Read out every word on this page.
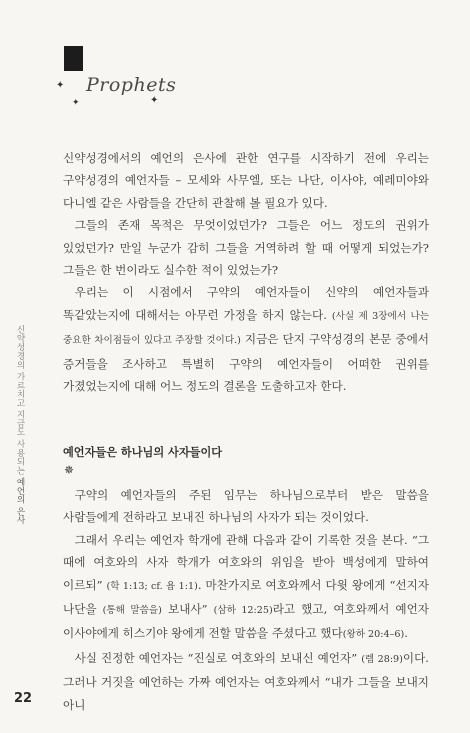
Prophets
✦
✦	✦

신약성경에서의 예언의 은사에 관한 연구를 시작하기 전에 우리는 구약성경의 예언자들 – 모세와 사무엘, 또는 나단, 이사야, 예레미야와 다니엘 같은 사람들을 간단히 관찰해 볼 필요가 있다.

그들의 존재 목적은 무엇이었던가? 그들은 어느 정도의 권위가 있었던가? 만일 누군가 감히 그들을 거역하려 할 때 어떻게 되었는가? 그들은 한 번이라도 실수한 적이 있었는가?

우리는 이 시점에서 구약의 예언자들이 신약의 예언자들과 똑같았는지에 대해서는 아무런 가정을 하지 않는다. (사실 제 3장에서 나는 중요한 차이점들이 있다고 주장할 것이다.) 지금은 단지 구약성경의 본문 중에서 증거들을 조사하고 특별히 구약의 예언자들이 어떠한 권위를 가졌었는지에 대해 어느 정도의 결론을 도출하고자 한다.

예언자들은 하나님의 사자들이다
✵

구약의 예언자들의 주된 임무는 하나님으로부터 받은 말씀을 사람들에게 전하라고 보내진 하나님의 사자가 되는 것이었다.

그래서 우리는 예언자 학개에 관해 다음과 같이 기록한 것을 본다. “그 때에 여호와의 사자 학개가 여호와의 위임을 받아 백성에게 말하여 이르되” (학 1:13; cf. 욥 1:1). 마찬가지로 여호와께서 다윗 왕에게 “선지자 나단을 (통해 말씀을) 보내사” (삼하 12:25)라고 했고, 여호와께서 예언자 이사야에게 히스기야 왕에게 전할 말씀을 주셨다고 했다(왕하 20:4–6).

사실 진정한 예언자는 “진실로 여호와의 보내신 예언자” (렘 28:9)이다. 그러나 거짓을 예언하는 가짜 예언자는 여호와께서 “내가 그들을 보내지 아니

신약성경의 가르치고 지금도 사용되는 예언의 은사
22
